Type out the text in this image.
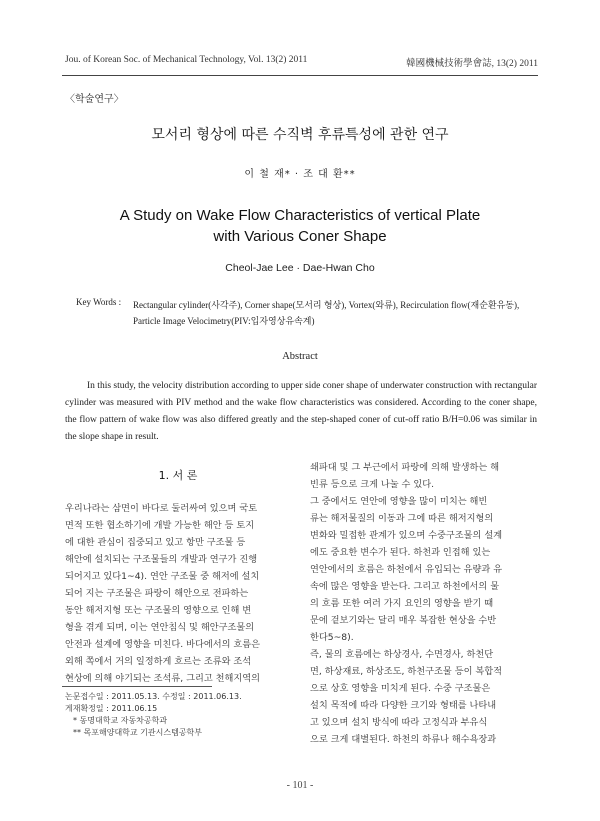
Jou. of Korean Soc. of Mechanical Technology, Vol. 13(2) 2011	韓國機械技術學會誌, 13(2) 2011
〈학술연구〉
모서리 형상에 따른 수직벽 후류특성에 관한 연구
이 철 재* · 조 대 환**
A Study on Wake Flow Characteristics of vertical Plate
with Various Coner Shape
Cheol-Jae Lee · Dae-Hwan Cho
Key Words : Rectangular cylinder(사각주), Corner shape(모서리 형상), Vortex(와류), Recirculation flow(재순환유동),
Particle Image Velocimetry(PIV:입자영상유속계)
Abstract
In this study, the velocity distribution according to upper side coner shape of underwater construction with rectangular cylinder was measured with PIV method and the wake flow characteristics was considered. According to the coner shape, the flow pattern of wake flow was also differed greatly and the step-shaped coner of cut-off ratio B/H=0.06 was similar in the slope shape in result.
1. 서 론
우리나라는 삼면이 바다로 둘러싸여 있으며 국토
면적 또한 협소하기에 개발 가능한 해안 등 토지
에 대한 관심이 집중되고 있고 항만 구조물 등
해안에 설치되는 구조물들의 개발과 연구가 진행
되어지고 있다1~4). 연안 구조물 중 해저에 설치
되어 지는 구조물은 파랑이 해안으로 전파하는
동안 해저지형 또는 구조물의 영향으로 인해 변
형을 겪게 되며, 이는 연안침식 및 해안구조물의
안전과 설계에 영향을 미친다. 바다에서의 흐름은
외해 쪽에서 거의 일정하게 흐르는 조류와 조석
현상에 의해 야기되는 조석류, 그리고 천해지역의
쇄파대 및 그 부근에서 파랑에 의해 발생하는 해
빈류 등으로 크게 나눌 수 있다.
그 중에서도 연안에 영향을 많이 미치는 해빈
류는 해저물질의 이동과 그에 따른 해저지형의
변화와 밀접한 관계가 있으며 수중구조물의 설계
에도 중요한 변수가 된다. 하천과 인접해 있는
연안에서의 흐름은 하천에서 유입되는 유량과 유
속에 많은 영향을 받는다. 그리고 하천에서의 물
의 흐름 또한 여러 가지 요인의 영향을 받기 때
문에 겉보기와는 달리 매우 복잡한 현상을 수반
한다5~8).
즉, 물의 흐름에는 하상경사, 수면경사, 하천단
면, 하상재료, 하상조도, 하천구조물 등이 복합적
으로 상호 영향을 미치게 된다. 수중 구조물은
설치 목적에 따라 다양한 크기와 형태를 나타내
고 있으며 설치 방식에 따라 고정식과 부유식
으로 크게 대별된다. 하천의 하류나 해수욕장과
논문접수일 : 2011.05.13. 수정일 : 2011.06.13.
게재확정일 : 2011.06.15
* 동명대학교 자동차공학과
** 목포해양대학교 기관시스템공학부
- 101 -
